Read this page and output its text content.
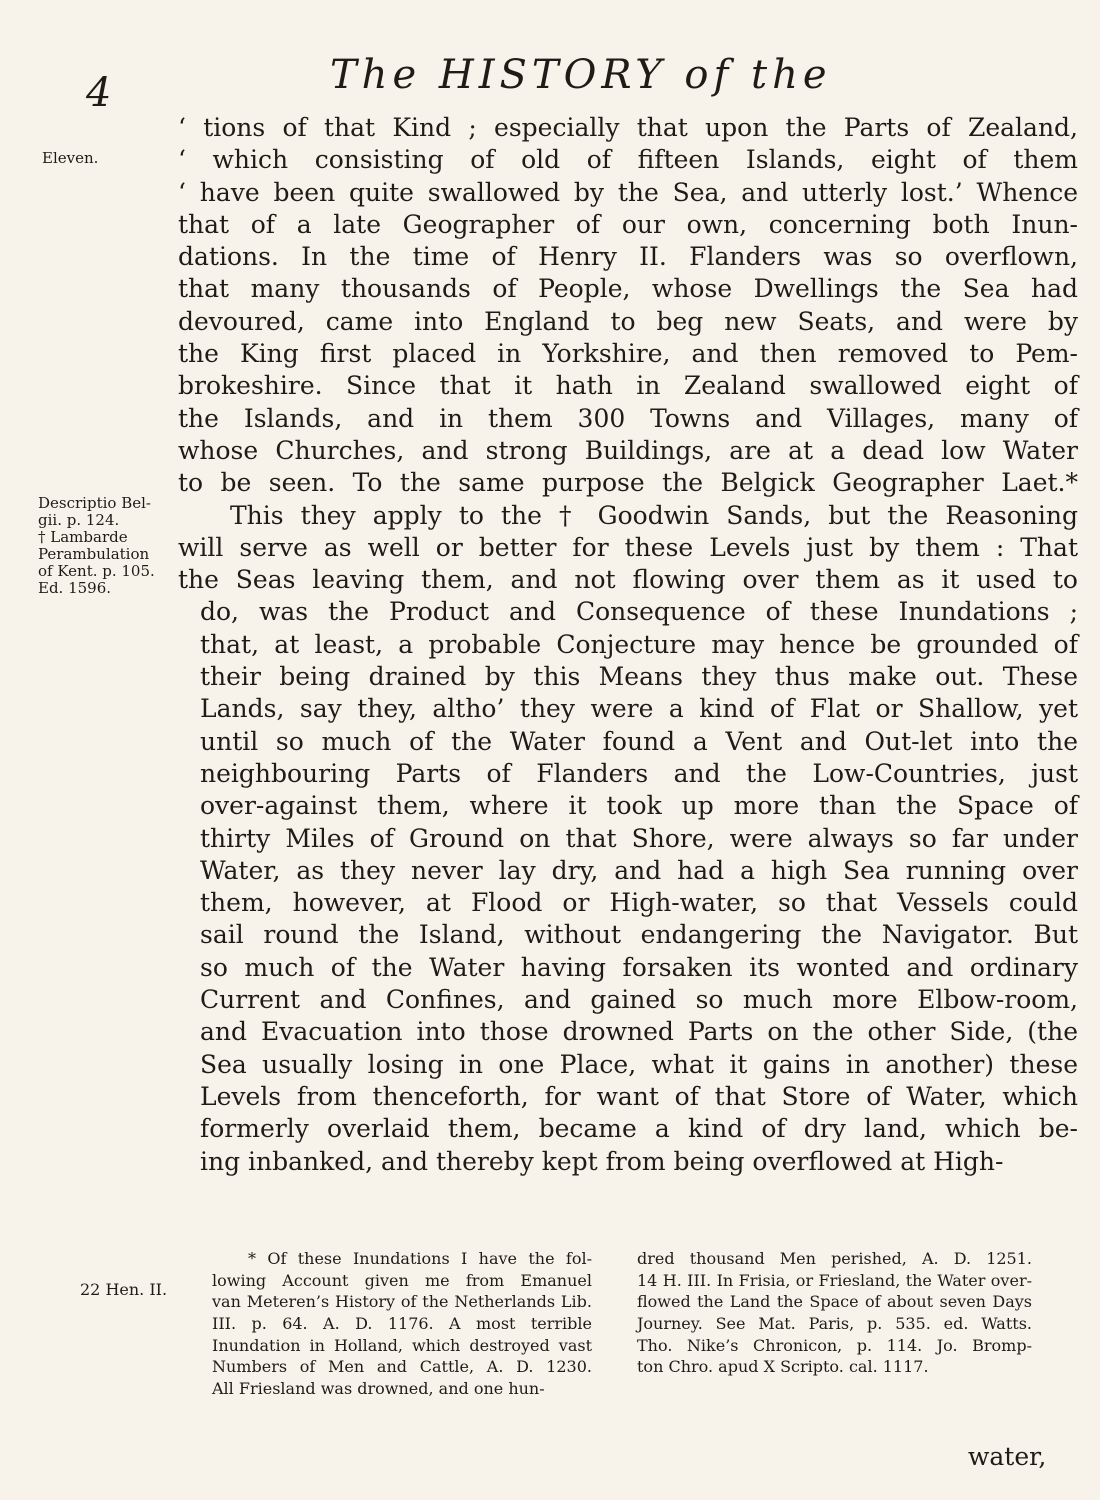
4	The HISTORY of the
Eleven.
Descriptio Bel-
gii. p. 124.
† Lambarde
Perambulation
of Kent. p. 105.
Ed. 1596.
‘ tions of that Kind ; especially that upon the Parts of Zealand,
‘ which consisting of old of fifteen Islands, eight of them
‘ have been quite swallowed by the Sea, and utterly lost.’ Whence
that of a late Geographer of our own, concerning both Inun-
dations. In the time of Henry II. Flanders was so overflown,
that many thousands of People, whose Dwellings the Sea had
devoured, came into England to beg new Seats, and were by
the King first placed in Yorkshire, and then removed to Pem-
brokeshire. Since that it hath in Zealand swallowed eight of
the Islands, and in them 300 Towns and Villages, many of
whose Churches, and strong Buildings, are at a dead low Water
to be seen. To the same purpose the Belgick Geographer Laet.*
This they apply to the † Goodwin Sands, but the Reasoning
will serve as well or better for these Levels just by them : That
the Seas leaving them, and not flowing over them as it used to
do, was the Product and Consequence of these Inundations ;
that, at least, a probable Conjecture may hence be grounded of
their being drained by this Means they thus make out. These
Lands, say they, altho’ they were a kind of Flat or Shallow, yet
until so much of the Water found a Vent and Out-let into the
neighbouring Parts of Flanders and the Low-Countries, just
over-against them, where it took up more than the Space of
thirty Miles of Ground on that Shore, were always so far under
Water, as they never lay dry, and had a high Sea running over
them, however, at Flood or High-water, so that Vessels could
sail round the Island, without endangering the Navigator. But
so much of the Water having forsaken its wonted and ordinary
Current and Confines, and gained so much more Elbow-room,
and Evacuation into those drowned Parts on the other Side, (the
Sea usually losing in one Place, what it gains in another) these
Levels from thenceforth, for want of that Store of Water, which
formerly overlaid them, became a kind of dry land, which be-
ing inbanked, and thereby kept from being overflowed at High-
22 Hen. II.
* Of these Inundations I have the fol-
lowing Account given me from Emanuel
van Meteren’s History of the Netherlands Lib.
III. p. 64. A. D. 1176. A most terrible
Inundation in Holland, which destroyed vast
Numbers of Men and Cattle, A. D. 1230.
All Friesland was drowned, and one hun-
dred thousand Men perished, A. D. 1251.
14 H. III. In Frisia, or Friesland, the Water over-
flowed the Land the Space of about seven Days
Journey. See Mat. Paris, p. 535. ed. Watts.
Tho. Nike’s Chronicon, p. 114. Jo. Bromp-
ton Chro. apud X Scripto. cal. 1117.
water,
